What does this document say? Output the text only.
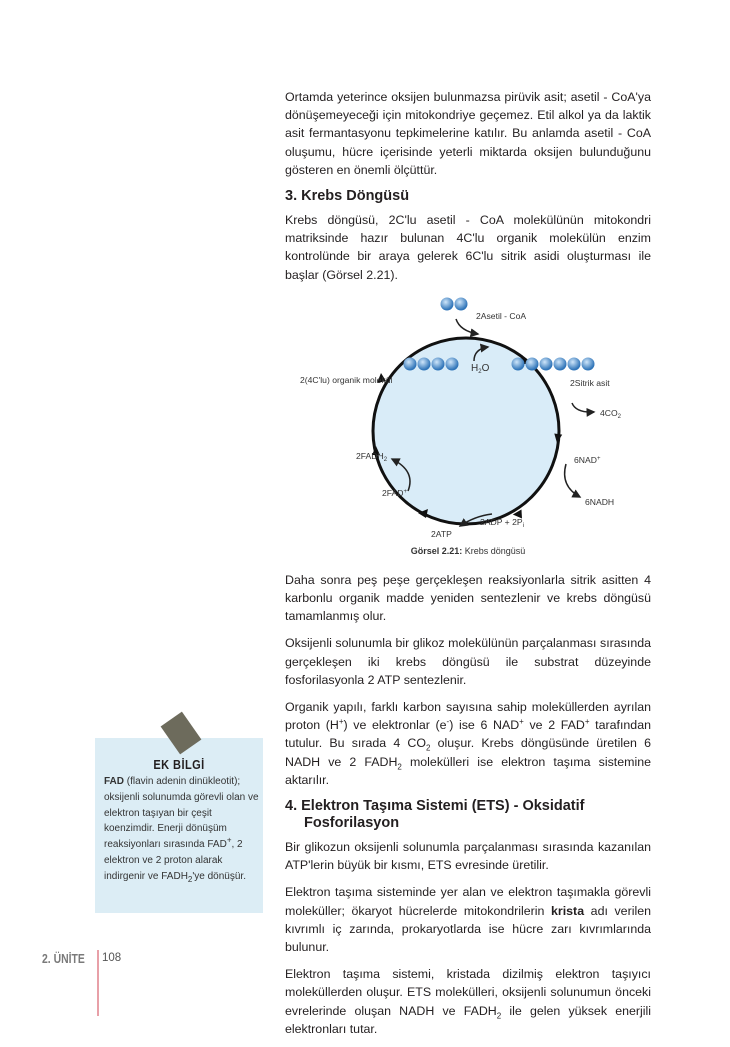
Ortamda yeterince oksijen bulunmazsa pirüvik asit; asetil - CoA'ya dönüşemeyeceği için mitokondriye geçemez. Etil alkol ya da laktik asit fermantasyonu tepkimelerine katılır. Bu anlamda asetil - CoA oluşumu, hücre içerisinde yeterli miktarda oksijen bulunduğunu gösteren en önemli ölçüttür.

3. Krebs Döngüsü

Krebs döngüsü, 2C'lu asetil - CoA molekülünün mitokondri matriksinde hazır bulunan 4C'lu organik molekülün enzim kontrolünde bir araya gelerek 6C'lu sitrik asidi oluşturması ile başlar (Görsel 2.21).

2Asetil - CoA
2(4C'lu) organik molekül
$H_2O$
2Sitrik asit
$4CO_2$
6NAD+
6NADH
$2ADP + 2P_i$
2ATP
2FAD+
$2FADH_2$
Görsel 2.21: Krebs döngüsü

Daha sonra peş peşe gerçekleşen reaksiyonlarla sitrik asitten 4 karbonlu organik madde yeniden sentezlenir ve krebs döngüsü tamamlanmış olur.

Oksijenli solunumla bir glikoz molekülünün parçalanması sırasında gerçekleşen iki krebs döngüsü ile substrat düzeyinde fosforilasyonla 2 ATP sentezlenir.

Organik yapılı, farklı karbon sayısına sahip moleküllerden ayrılan proton (H+) ve elektronlar (e-) ise 6 NAD+ ve 2 FAD+ tarafından tutulur. Bu sırada 4 $CO_2$ oluşur. Krebs döngüsünde üretilen 6 NADH ve 2 $FADH_2$ molekülleri ise elektron taşıma sistemine aktarılır.

4. Elektron Taşıma Sistemi (ETS) - Oksidatif
Fosforilasyon

Bir glikozun oksijenli solunumla parçalanması sırasında kazanılan ATP'lerin büyük bir kısmı, ETS evresinde üretilir.

Elektron taşıma sisteminde yer alan ve elektron taşımakla görevli moleküller; ökaryot hücrelerde mitokondrilerin krista adı verilen kıvrımlı iç zarında, prokaryotlarda ise hücre zarı kıvrımlarında bulunur.

Elektron taşıma sistemi, kristada dizilmiş elektron taşıyıcı moleküllerden oluşur. ETS molekülleri, oksijenli solunumun önceki evrelerinde oluşan NADH ve $FADH_2$ ile gelen yüksek enerjili elektronları tutar.

EK BİLGİ
FAD (flavin adenin dinükleotit); oksijenli solunumda görevli olan ve elektron taşıyan bir çeşit koenzimdir. Enerji dönüşüm reaksiyonları sırasında FAD+, 2 elektron ve 2 proton alarak indirgenir ve $FADH_2'ye$ dönüşür.
2. ÜNİTE 108
